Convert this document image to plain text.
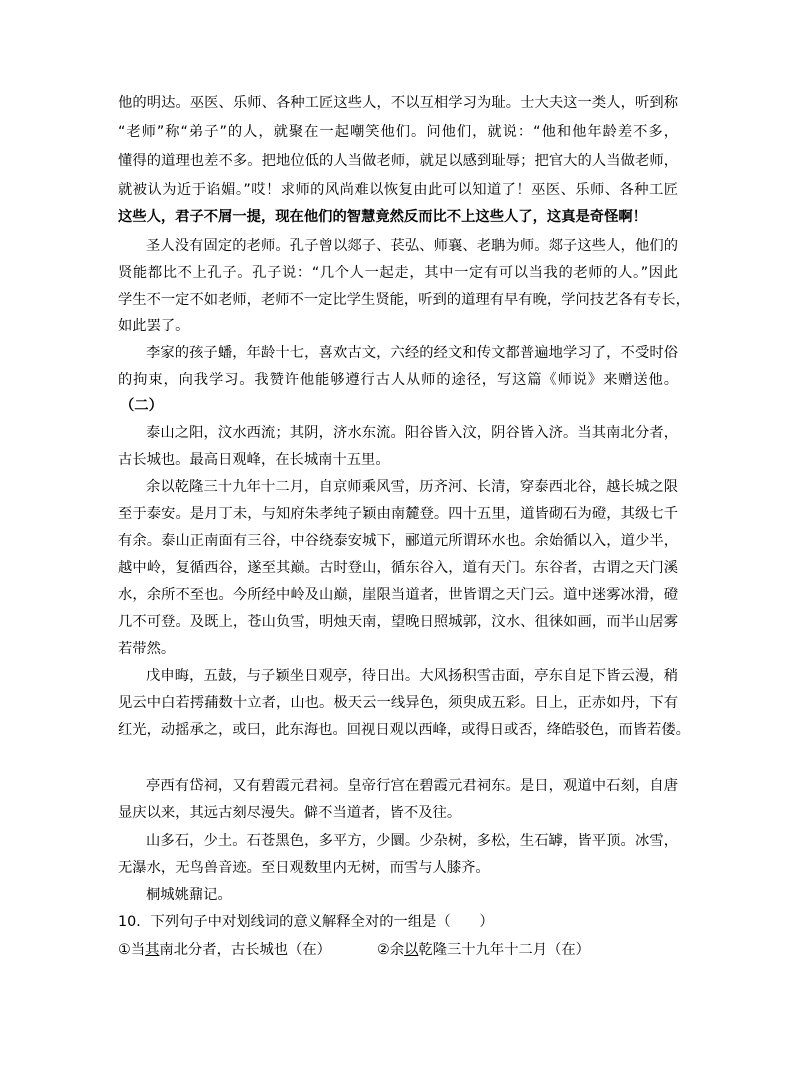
他的明达。巫医、乐师、各种工匠这些人，不以互相学习为耻。士大夫这一类人，听到称
“老师”称“弟子”的人，就聚在一起嘲笑他们。问他们，就说：“他和他年龄差不多，
懂得的道理也差不多。把地位低的人当做老师，就足以感到耻辱；把官大的人当做老师，
就被认为近于谄媚。”哎！求师的风尚难以恢复由此可以知道了！巫医、乐师、各种工匠
这些人，君子不屑一提，现在他们的智慧竟然反而比不上这些人了，这真是奇怪啊！
圣人没有固定的老师。孔子曾以郯子、苌弘、师襄、老聃为师。郯子这些人，他们的
贤能都比不上孔子。孔子说：“几个人一起走，其中一定有可以当我的老师的人。”因此
学生不一定不如老师，老师不一定比学生贤能，听到的道理有早有晚，学问技艺各有专长，
如此罢了。
李家的孩子蟠，年龄十七，喜欢古文，六经的经文和传文都普遍地学习了，不受时俗
的拘束，向我学习。我赞许他能够遵行古人从师的途径，写这篇《师说》来赠送他。
（二）
泰山之阳，汶水西流；其阴，济水东流。阳谷皆入汶，阴谷皆入济。当其南北分者，
古长城也。最高日观峰，在长城南十五里。
余以乾隆三十九年十二月，自京师乘风雪，历齐河、长清，穿泰西北谷，越长城之限
至于泰安。是月丁未，与知府朱孝纯子颖由南麓登。四十五里，道皆砌石为磴，其级七千
有余。泰山正南面有三谷，中谷绕泰安城下，郦道元所谓环水也。余始循以入，道少半，
越中岭，复循西谷，遂至其巅。古时登山，循东谷入，道有天门。东谷者，古谓之天门溪
水，余所不至也。今所经中岭及山巅，崖限当道者，世皆谓之天门云。道中迷雾冰滑，磴
几不可登。及既上，苍山负雪，明烛天南，望晚日照城郭，汶水、徂徕如画，而半山居雾
若带然。
戊申晦，五鼓，与子颖坐日观亭，待日出。大风扬积雪击面，亭东自足下皆云漫，稍
见云中白若摴蒱数十立者，山也。极天云一线异色，须臾成五彩。日上，正赤如丹，下有
红光，动摇承之，或曰，此东海也。回视日观以西峰，或得日或否，绛皓驳色，而皆若偻。
亭西有岱祠，又有碧霞元君祠。皇帝行宫在碧霞元君祠东。是日，观道中石刻，自唐
显庆以来，其远古刻尽漫失。僻不当道者，皆不及往。
山多石，少土。石苍黑色，多平方，少圜。少杂树，多松，生石罅，皆平顶。冰雪，
无瀑水，无鸟兽音迹。至日观数里内无树，而雪与人膝齐。
桐城姚鼐记。
10．下列句子中对划线词的意义解释全对的一组是（　　）
①当其南北分者，古长城也（在）	②余以乾隆三十九年十二月（在）
